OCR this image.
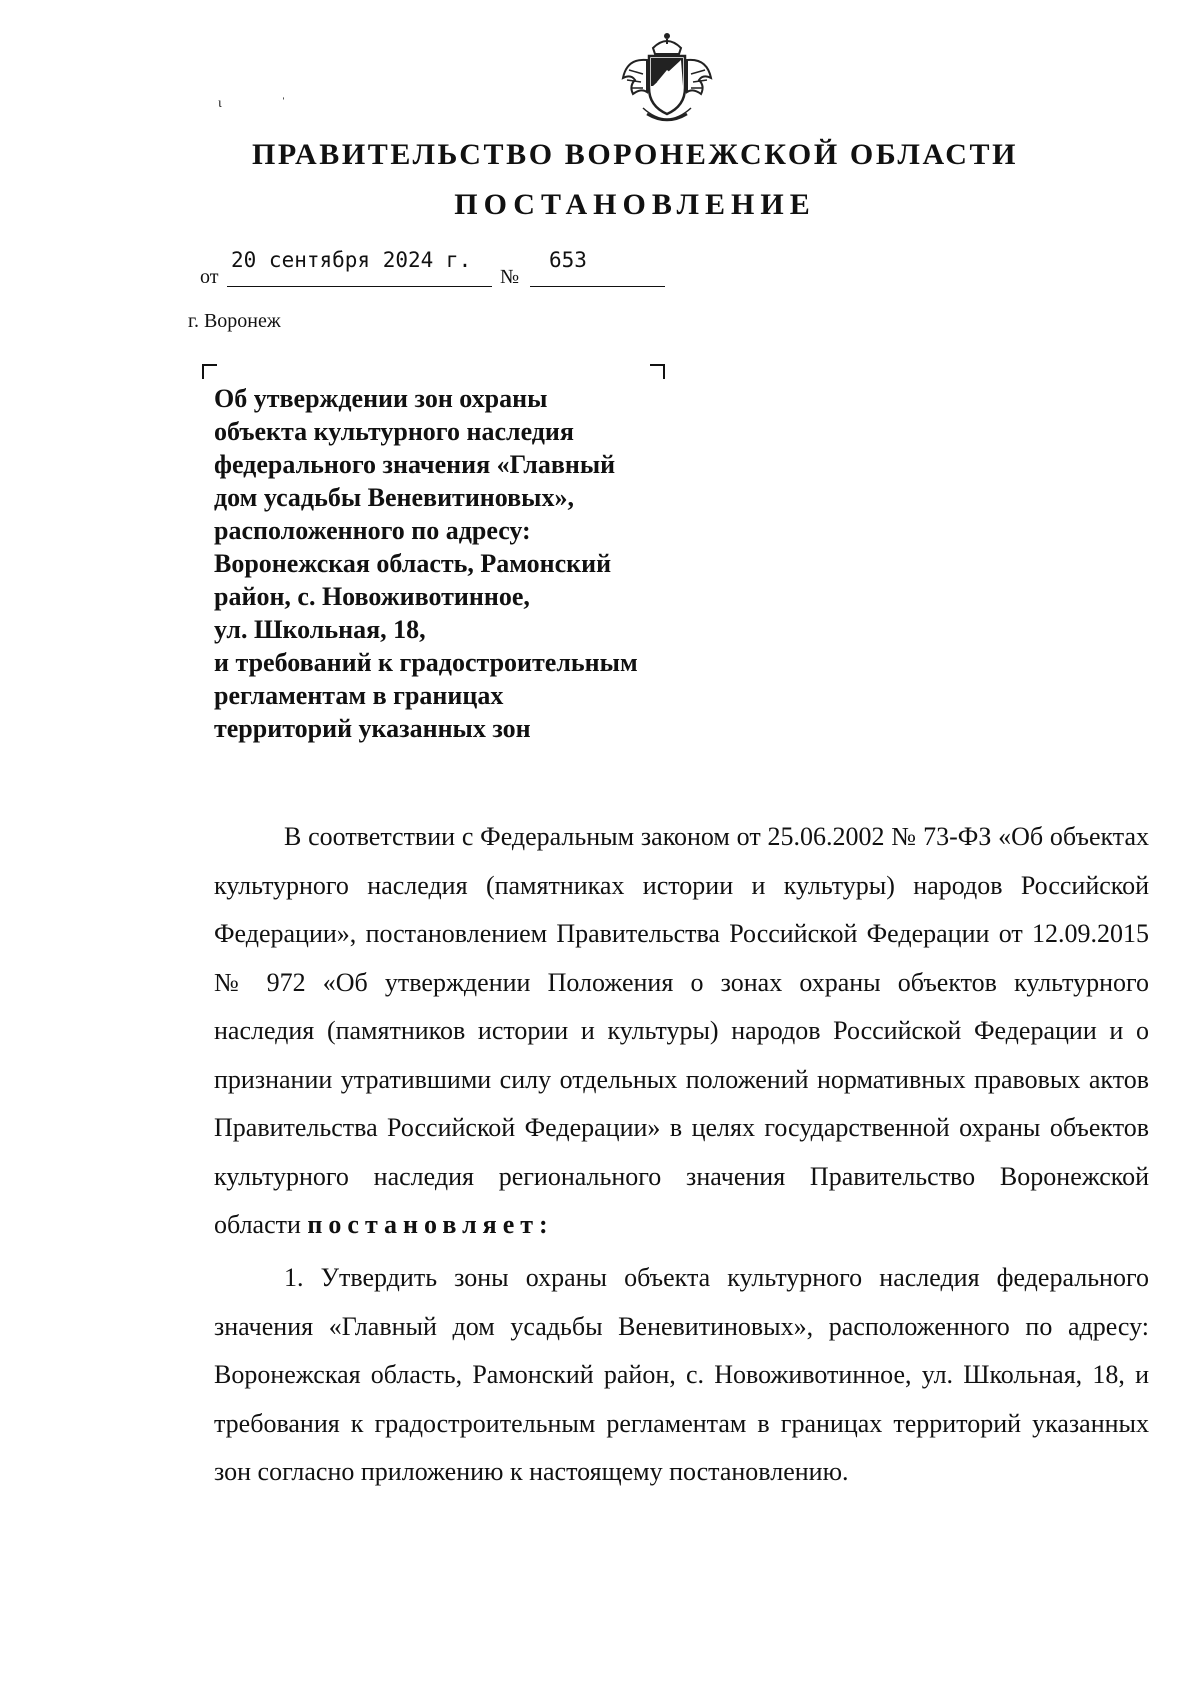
ι ˈ
ПРАВИТЕЛЬСТВО ВОРОНЕЖСКОЙ ОБЛАСТИ
ПОСТАНОВЛЕНИЕ
от
20 сентября 2024 г.
№
653
г. Воронеж
Об утверждении зон охраны
объекта культурного наследия
федерального значения «Главный
дом усадьбы Веневитиновых»,
расположенного по адресу:
Воронежская область, Рамонский
район, с. Новоживотинное,
ул. Школьная, 18,
и требований к градостроительным
регламентам в границах
территорий указанных зон

В соответствии с Федеральным законом от 25.06.2002 № 73-ФЗ «Об объектах культурного наследия (памятниках истории и культуры) народов Российской Федерации», постановлением Правительства Российской Федерации от 12.09.2015 № 972 «Об утверждении Положения о зонах охраны объектов культурного наследия (памятников истории и культуры) народов Российской Федерации и о признании утратившими силу отдельных положений нормативных правовых актов Правительства Российской Федерации» в целях государственной охраны объектов культурного наследия регионального значения Правительство Воронежской области постановляет:

1. Утвердить зоны охраны объекта культурного наследия федерального значения «Главный дом усадьбы Веневитиновых», расположенного по адресу: Воронежская область, Рамонский район, с. Новоживотинное, ул. Школьная, 18, и требования к градостроительным регламентам в границах территорий указанных зон согласно приложению к настоящему постановлению.
